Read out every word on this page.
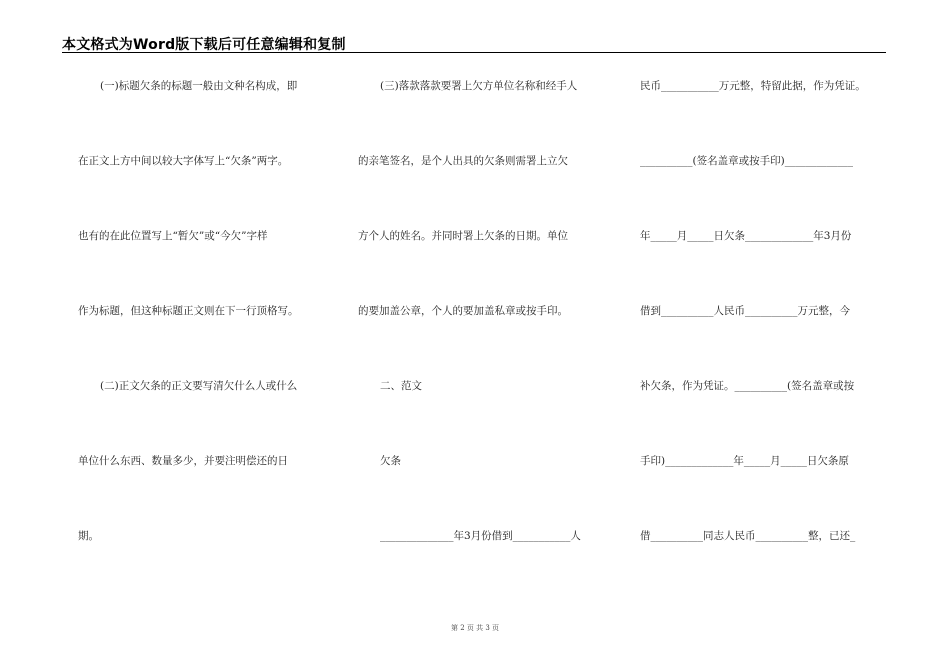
本文格式为Word版下载后可任意编辑和复制
(一)标题欠条的标题一般由文种名构成，即
在正文上方中间以较大字体写上“欠条”两字。
也有的在此位置写上“暂欠”或“今欠”字样
作为标题，但这种标题正文则在下一行顶格写。
(二)正文欠条的正文要写清欠什么人或什么
单位什么东西、数量多少，并要注明偿还的日
期。
(三)落款落款要署上欠方单位名称和经手人
的亲笔签名，是个人出具的欠条则需署上立欠
方个人的姓名。并同时署上欠条的日期。单位
的要加盖公章，个人的要加盖私章或按手印。
二、范文
欠条
______________年3月份借到___________人
民币___________万元整，特留此据，作为凭证。
__________(签名盖章或按手印)_____________
年_____月_____日欠条_____________年3月份
借到__________人民币__________万元整，今
补欠条，作为凭证。__________(签名盖章或按
手印)_____________年_____月_____日欠条原
借__________同志人民币__________整，已还_
第 2 页 共 3 页
